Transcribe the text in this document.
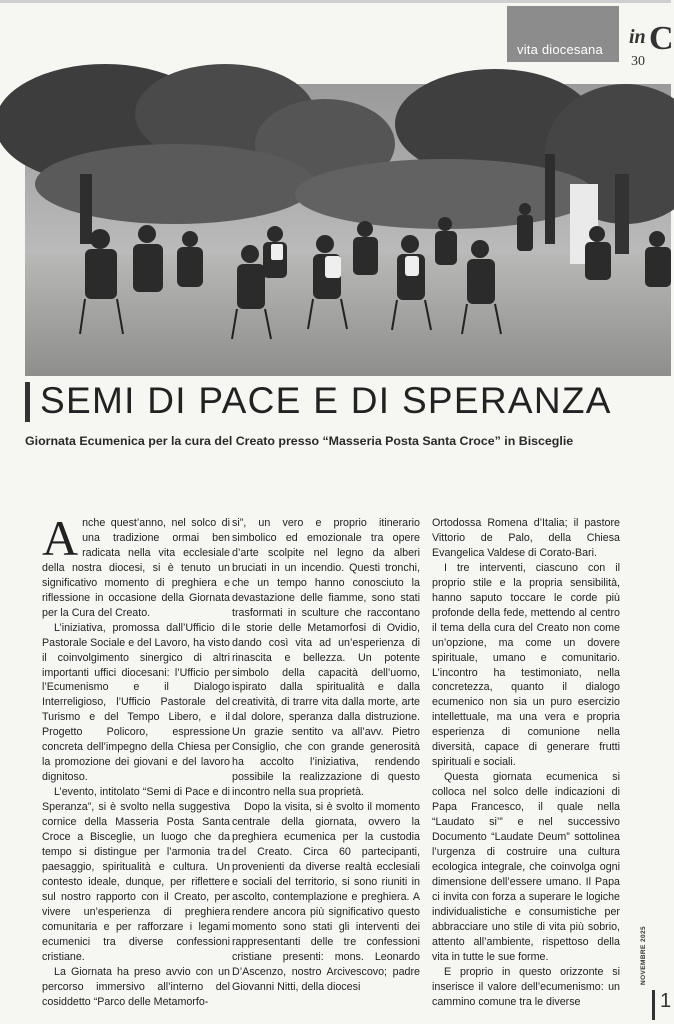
vita diocesana
in C
30
SEMI DI PACE E DI SPERANZA
Giornata Ecumenica per la cura del Creato presso “Masseria Posta Santa Croce” in Bisceglie

Anche quest’anno, nel solco di una tradizione ormai ben radicata nella vita ecclesiale della nostra diocesi, si è tenuto un significativo momento di preghiera e riflessione in occasione della Giornata per la Cura del Creato.

L’iniziativa, promossa dall’Ufficio di Pastorale Sociale e del Lavoro, ha visto il coinvolgimento sinergico di altri importanti uffici diocesani: l’Ufficio per l’Ecumenismo e il Dialogo Interreligioso, l’Ufficio Pastorale del Turismo e del Tempo Libero, e il Progetto Policoro, espressione concreta dell’impegno della Chiesa per la promozione dei giovani e del lavoro dignitoso.

L’evento, intitolato “Semi di Pace e di Speranza”, si è svolto nella suggestiva cornice della Masseria Posta Santa Croce a Bisceglie, un luogo che da tempo si distingue per l’armonia tra paesaggio, spiritualità e cultura. Un contesto ideale, dunque, per riflettere sul nostro rapporto con il Creato, per vivere un’esperienza di preghiera comunitaria e per rafforzare i legami ecumenici tra diverse confessioni cristiane.

La Giornata ha preso avvio con un percorso immersivo all’interno del cosiddetto “Parco delle Metamorfo-

si”, un vero e proprio itinerario simbolico ed emozionale tra opere d’arte scolpite nel legno da alberi bruciati in un incendio. Questi tronchi, che un tempo hanno conosciuto la devastazione delle fiamme, sono stati trasformati in sculture che raccontano le storie delle Metamorfosi di Ovidio, dando così vita ad un’esperienza di rinascita e bellezza. Un potente simbolo della capacità dell’uomo, ispirato dalla spiritualità e dalla creatività, di trarre vita dalla morte, arte dal dolore, speranza dalla distruzione. Un grazie sentito va all’avv. Pietro Consiglio, che con grande generosità ha accolto l’iniziativa, rendendo possibile la realizzazione di questo incontro nella sua proprietà.

Dopo la visita, si è svolto il momento centrale della giornata, ovvero la preghiera ecumenica per la custodia del Creato. Circa 60 partecipanti, provenienti da diverse realtà ecclesiali e sociali del territorio, si sono riuniti in ascolto, contemplazione e preghiera. A rendere ancora più significativo questo momento sono stati gli interventi dei rappresentanti delle tre confessioni cristiane presenti: mons. Leonardo D’Ascenzo, nostro Arcivescovo; padre Giovanni Nitti, della diocesi

Ortodossa Romena d’Italia; il pastore Vittorio de Palo, della Chiesa Evangelica Valdese di Corato-Bari.

I tre interventi, ciascuno con il proprio stile e la propria sensibilità, hanno saputo toccare le corde più profonde della fede, mettendo al centro il tema della cura del Creato non come un’opzione, ma come un dovere spirituale, umano e comunitario. L’incontro ha testimoniato, nella concretezza, quanto il dialogo ecumenico non sia un puro esercizio intellettuale, ma una vera e propria esperienza di comunione nella diversità, capace di generare frutti spirituali e sociali.

Questa giornata ecumenica si colloca nel solco delle indicazioni di Papa Francesco, il quale nella “Laudato si’” e nel successivo Documento “Laudate Deum” sottolinea l’urgenza di costruire una cultura ecologica integrale, che coinvolga ogni dimensione dell’essere umano. Il Papa ci invita con forza a superare le logiche individualistiche e consumistiche per abbracciare uno stile di vita più sobrio, attento all’ambiente, rispettoso della vita in tutte le sue forme.

E proprio in questo orizzonte si inserisce il valore dell’ecumenismo: un cammino comune tra le diverse

NOVEMBRE 2025
1
